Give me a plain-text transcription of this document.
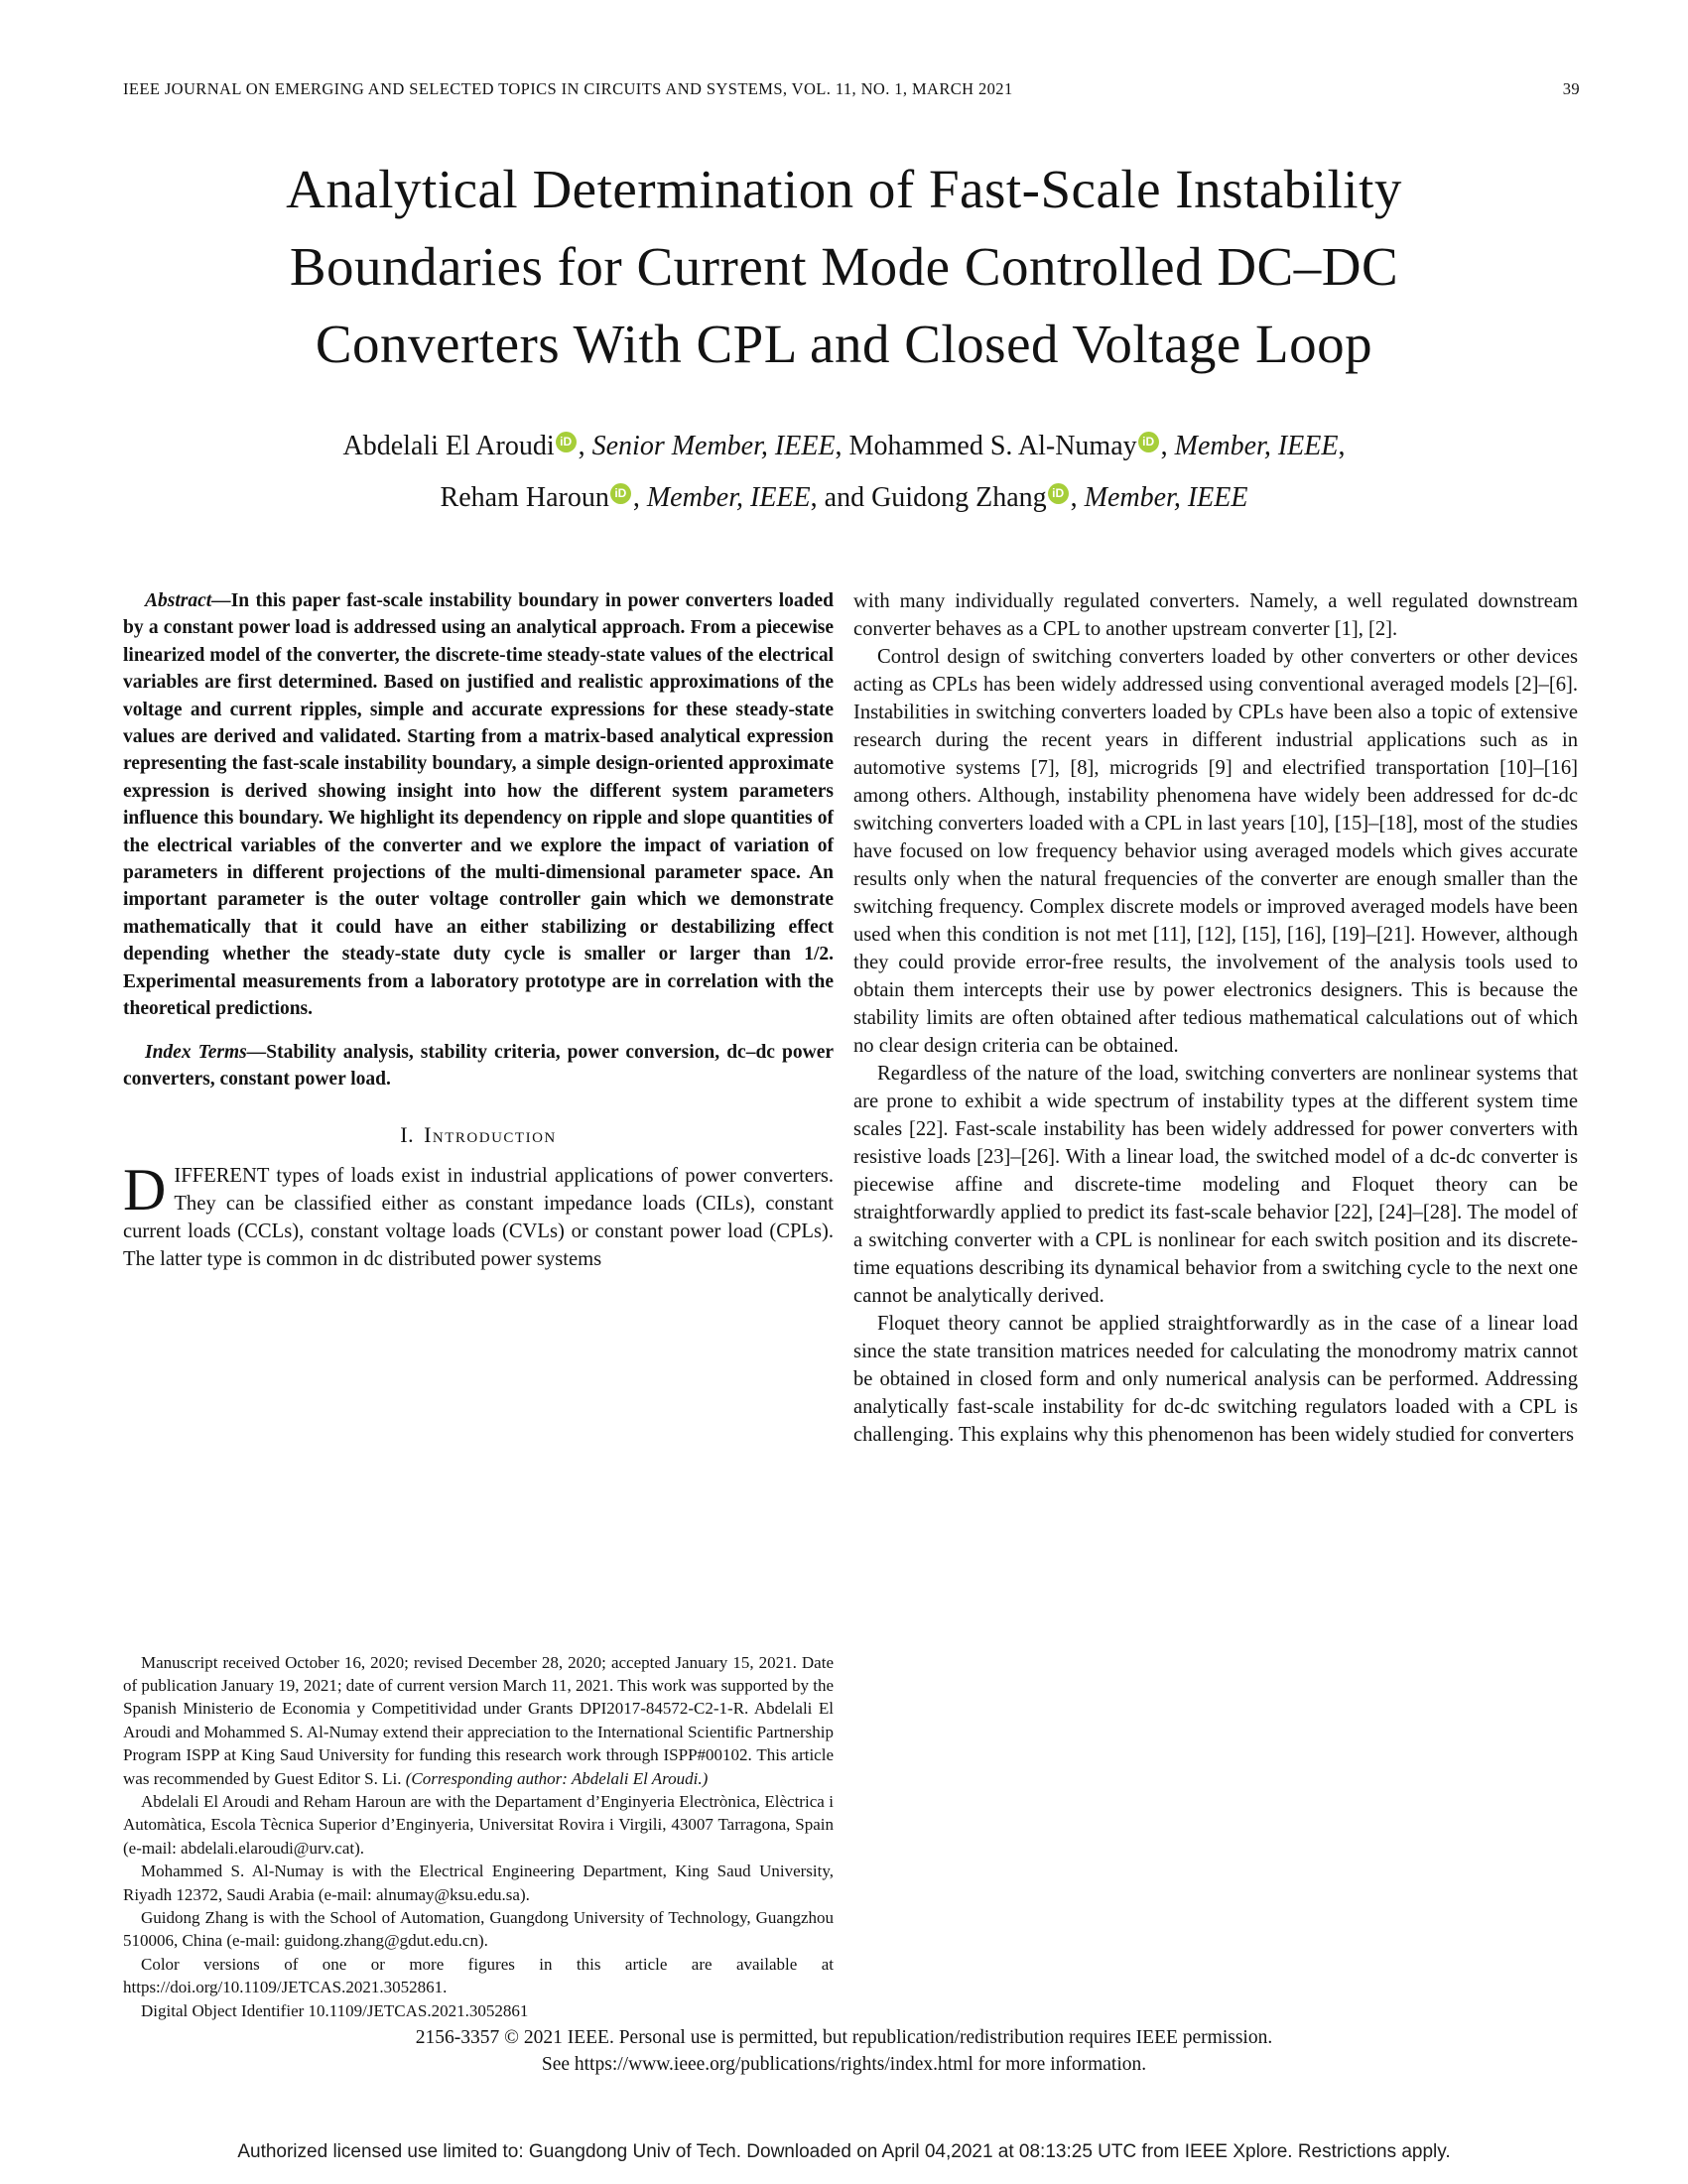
IEEE JOURNAL ON EMERGING AND SELECTED TOPICS IN CIRCUITS AND SYSTEMS, VOL. 11, NO. 1, MARCH 2021	39
Analytical Determination of Fast-Scale Instability
Boundaries for Current Mode Controlled DC–DC
Converters With CPL and Closed Voltage Loop
Abdelali El Aroudi iD , Senior Member, IEEE, Mohammed S. Al-Numay iD , Member, IEEE,
Reham Haroun iD , Member, IEEE, and Guidong Zhang iD , Member, IEEE

Abstract—In this paper fast-scale instability boundary in power converters loaded by a constant power load is addressed using an analytical approach. From a piecewise linearized model of the converter, the discrete-time steady-state values of the electrical variables are first determined. Based on justified and realistic approximations of the voltage and current ripples, simple and accurate expressions for these steady-state values are derived and validated. Starting from a matrix-based analytical expression representing the fast-scale instability boundary, a simple design-oriented approximate expression is derived showing insight into how the different system parameters influence this boundary. We highlight its dependency on ripple and slope quantities of the electrical variables of the converter and we explore the impact of variation of parameters in different projections of the multi-dimensional parameter space. An important parameter is the outer voltage controller gain which we demonstrate mathematically that it could have an either stabilizing or destabilizing effect depending whether the steady-state duty cycle is smaller or larger than 1/2. Experimental measurements from a laboratory prototype are in correlation with the theoretical predictions.

Index Terms—Stability analysis, stability criteria, power conversion, dc–dc power converters, constant power load.

I. Introduction

DIFFERENT types of loads exist in industrial applications of power converters. They can be classified either as constant impedance loads (CILs), constant current loads (CCLs), constant voltage loads (CVLs) or constant power load (CPLs). The latter type is common in dc distributed power systems

Manuscript received October 16, 2020; revised December 28, 2020; accepted January 15, 2021. Date of publication January 19, 2021; date of current version March 11, 2021. This work was supported by the Spanish Ministerio de Economia y Competitividad under Grants DPI2017-84572-C2-1-R. Abdelali El Aroudi and Mohammed S. Al-Numay extend their appreciation to the International Scientific Partnership Program ISPP at King Saud University for funding this research work through ISPP#00102. This article was recommended by Guest Editor S. Li. (Corresponding author: Abdelali El Aroudi.)

Abdelali El Aroudi and Reham Haroun are with the Departament d’Enginyeria Electrònica, Elèctrica i Automàtica, Escola Tècnica Superior d’Enginyeria, Universitat Rovira i Virgili, 43007 Tarragona, Spain (e-mail: abdelali.elaroudi@urv.cat).

Mohammed S. Al-Numay is with the Electrical Engineering Department, King Saud University, Riyadh 12372, Saudi Arabia (e-mail: alnumay@ksu.edu.sa).

Guidong Zhang is with the School of Automation, Guangdong University of Technology, Guangzhou 510006, China (e-mail: guidong.zhang@gdut.edu.cn).

Color versions of one or more figures in this article are available at https://doi.org/10.1109/JETCAS.2021.3052861.

Digital Object Identifier 10.1109/JETCAS.2021.3052861

with many individually regulated converters. Namely, a well regulated downstream converter behaves as a CPL to another upstream converter [1], [2].

Control design of switching converters loaded by other converters or other devices acting as CPLs has been widely addressed using conventional averaged models [2]–[6]. Instabilities in switching converters loaded by CPLs have been also a topic of extensive research during the recent years in different industrial applications such as in automotive systems [7], [8], microgrids [9] and electrified transportation [10]–[16] among others. Although, instability phenomena have widely been addressed for dc-dc switching converters loaded with a CPL in last years [10], [15]–[18], most of the studies have focused on low frequency behavior using averaged models which gives accurate results only when the natural frequencies of the converter are enough smaller than the switching frequency. Complex discrete models or improved averaged models have been used when this condition is not met [11], [12], [15], [16], [19]–[21]. However, although they could provide error-free results, the involvement of the analysis tools used to obtain them intercepts their use by power electronics designers. This is because the stability limits are often obtained after tedious mathematical calculations out of which no clear design criteria can be obtained.

Regardless of the nature of the load, switching converters are nonlinear systems that are prone to exhibit a wide spectrum of instability types at the different system time scales [22]. Fast-scale instability has been widely addressed for power converters with resistive loads [23]–[26]. With a linear load, the switched model of a dc-dc converter is piecewise affine and discrete-time modeling and Floquet theory can be straightforwardly applied to predict its fast-scale behavior [22], [24]–[28]. The model of a switching converter with a CPL is nonlinear for each switch position and its discrete-time equations describing its dynamical behavior from a switching cycle to the next one cannot be analytically derived.

Floquet theory cannot be applied straightforwardly as in the case of a linear load since the state transition matrices needed for calculating the monodromy matrix cannot be obtained in closed form and only numerical analysis can be performed. Addressing analytically fast-scale instability for dc-dc switching regulators loaded with a CPL is challenging. This explains why this phenomenon has been widely studied for converters

2156-3357 © 2021 IEEE. Personal use is permitted, but republication/redistribution requires IEEE permission.
See https://www.ieee.org/publications/rights/index.html for more information.
Authorized licensed use limited to: Guangdong Univ of Tech. Downloaded on April 04,2021 at 08:13:25 UTC from IEEE Xplore. Restrictions apply.
